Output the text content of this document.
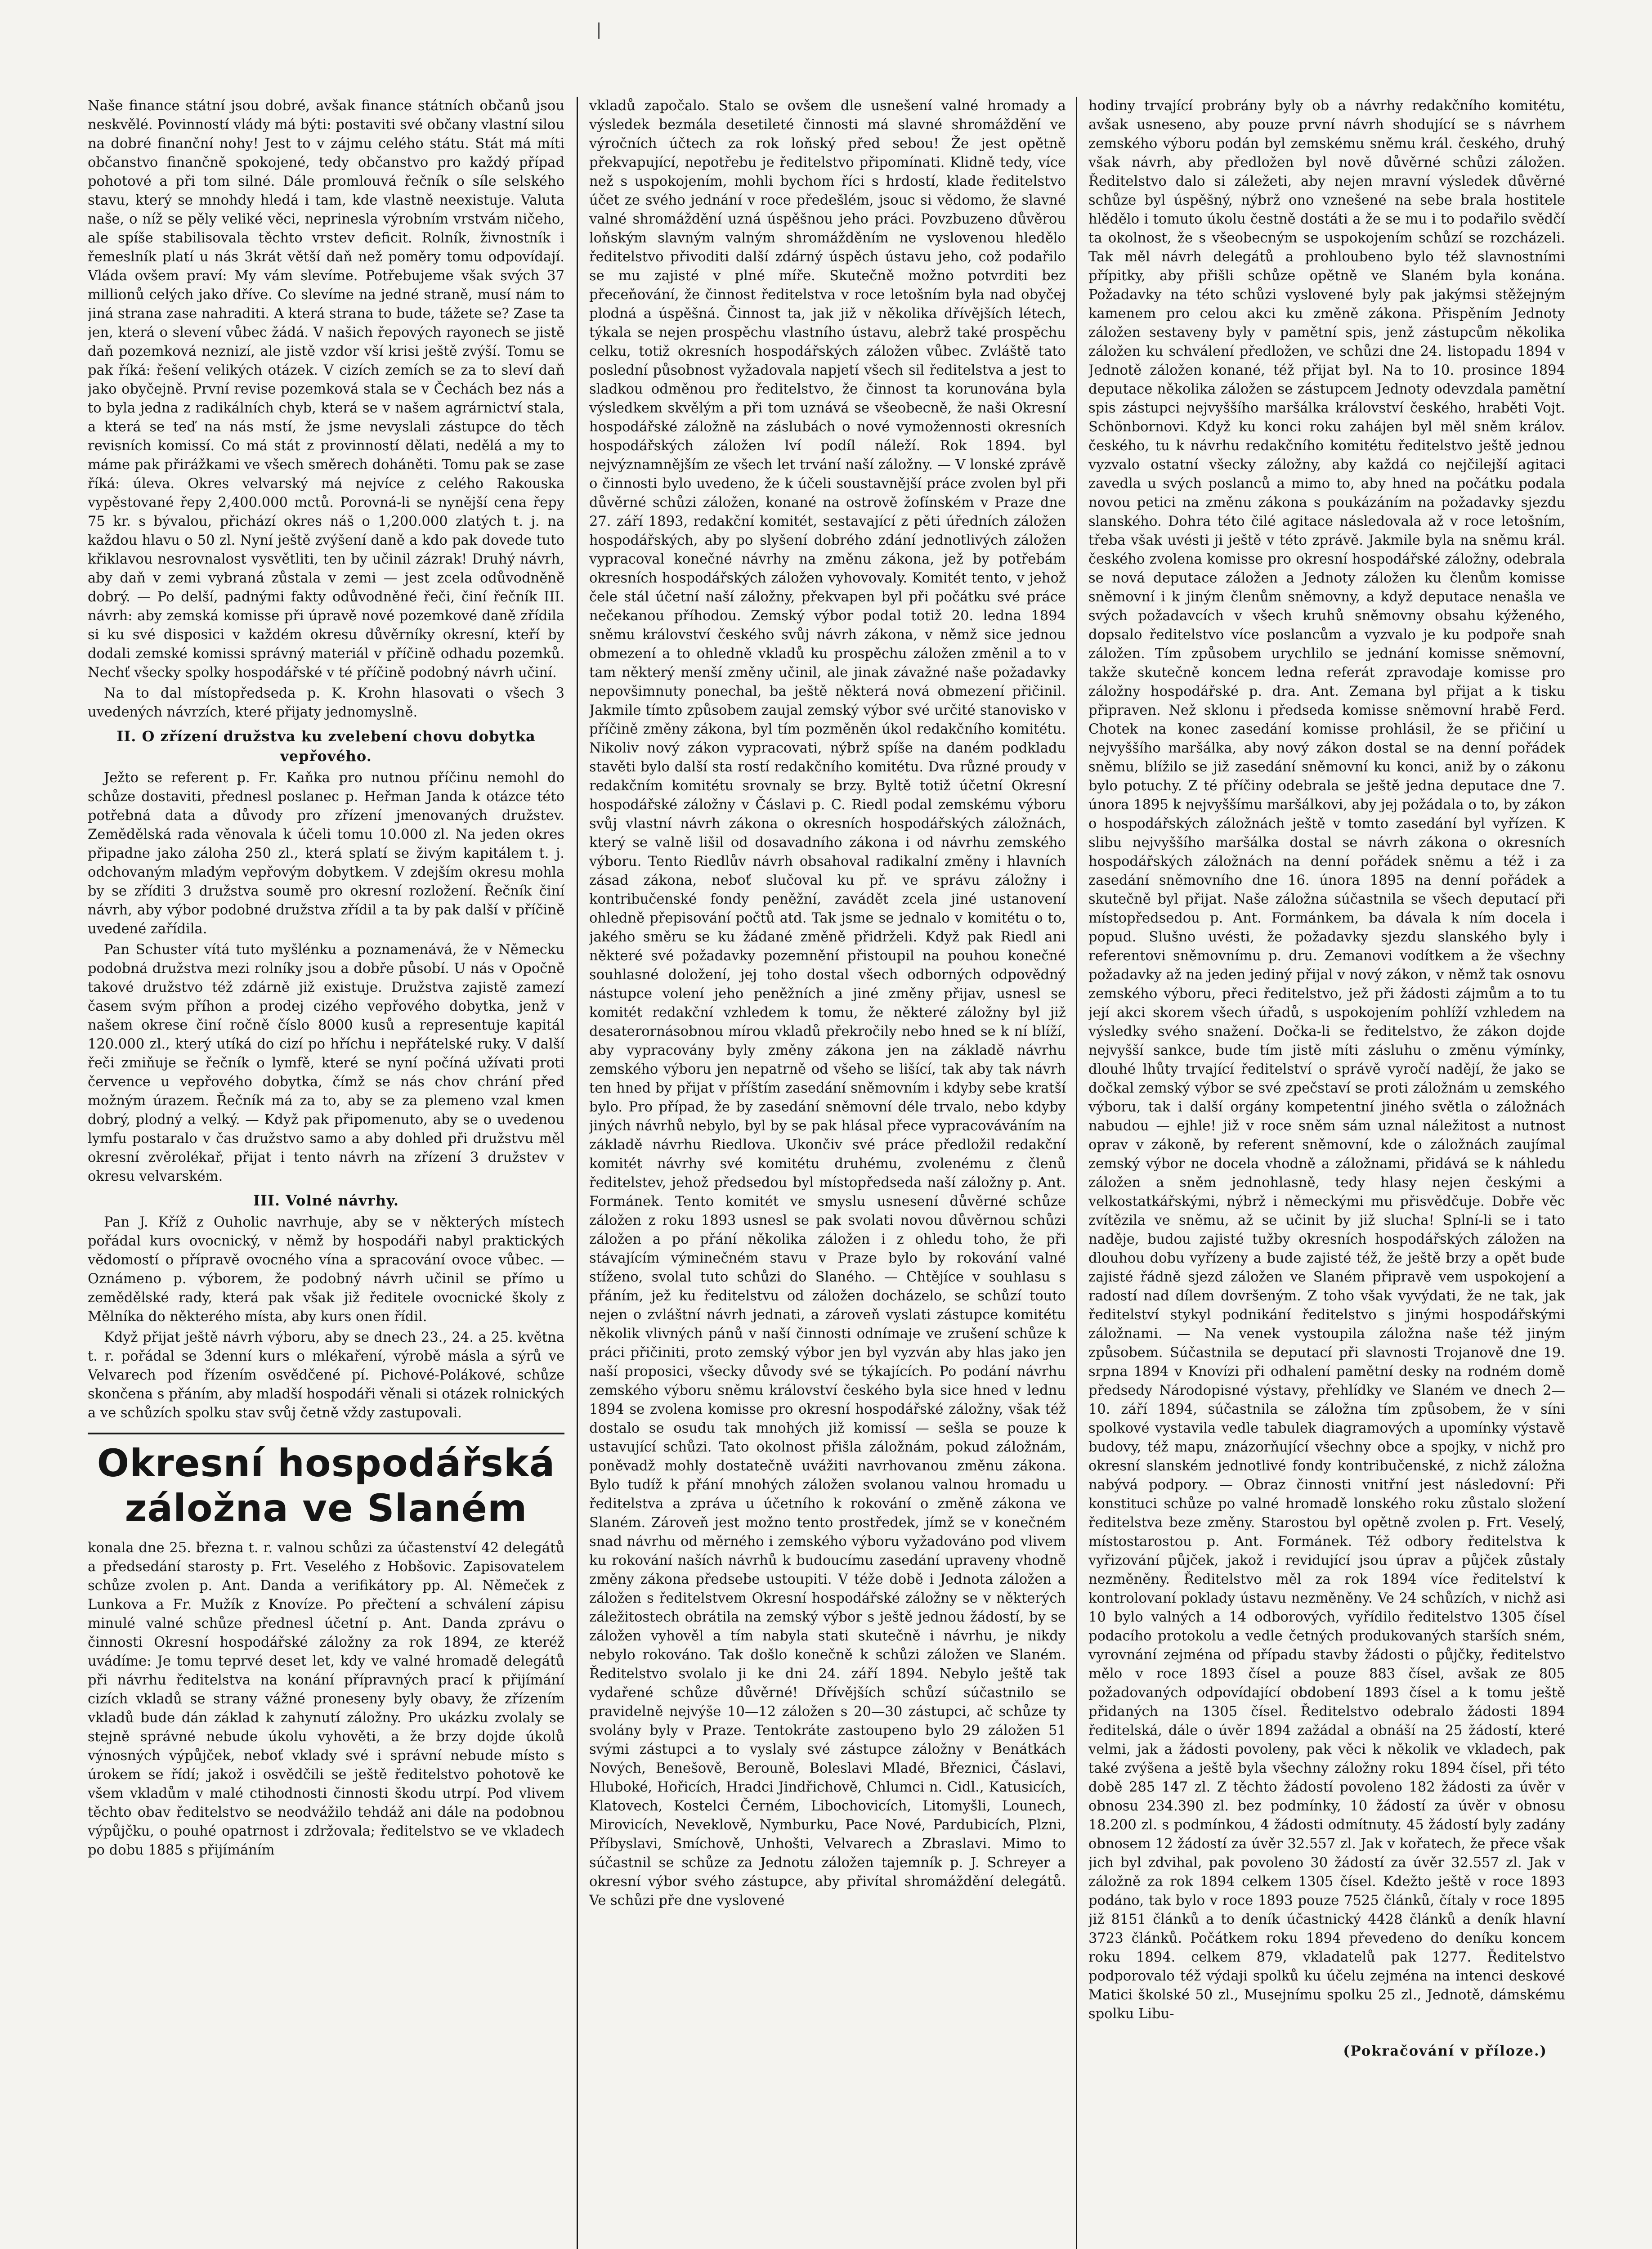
Naše finance státní jsou dobré, avšak finance státních občanů jsou neskvělé. Povinností vlády má býti: postaviti své občany vlastní silou na dobré finanční nohy! Jest to v zájmu celého státu. Stát má míti občanstvo finančně spokojené, tedy občanstvo pro každý případ pohotové a při tom silné. Dále promlouvá řečník o síle selského stavu, který se mnohdy hledá i tam, kde vlastně neexistuje. Valuta naše, o níž se pěly veliké věci, neprinesla výrobním vrstvám ničeho, ale spíše stabilisovala těchto vrstev deficit. Rolník, živnostník i řemeslník platí u nás 3krát větší daň než poměry tomu odpovídají. Vláda ovšem praví: My vám slevíme. Potřebujeme však svých 37 millionů celých jako dříve. Co slevíme na jedné straně, musí nám to jiná strana zase nahraditi. A která strana to bude, tážete se? Zase ta jen, která o slevení vůbec žádá. V našich řepových rayonech se jistě daň pozemková neznizí, ale jistě vzdor vší krisi ještě zvýší. Tomu se pak říká: řešení velikých otázek. V cizích zemích se za to sleví daň jako obyčejně. První revise pozemková stala se v Čechách bez nás a to byla jedna z radikálních chyb, která se v našem agrárnictví stala, a která se teď na nás mstí, že jsme nevyslali zástupce do těch revisních komissí. Co má stát z provinností dělati, nedělá a my to máme pak přirážkami ve všech směrech doháněti. Tomu pak se zase říká: úleva. Okres velvarský má nejvíce z celého Rakouska vypěstované řepy 2,400.000 mctů. Porovná-li se nynější cena řepy 75 kr. s bývalou, přichází okres náš o 1,200.000 zlatých t. j. na každou hlavu o 50 zl. Nyní ještě zvýšení daně a kdo pak dovede tuto křiklavou nesrovnalost vysvětliti, ten by učinil zázrak! Druhý návrh, aby daň v zemi vybraná zůstala v zemi — jest zcela odůvodněně dobrý. — Po delší, padnými fakty odůvodněné řeči, činí řečník III. návrh: aby zemská komisse při úpravě nové pozemkové daně zřídila si ku své disposici v každém okresu důvěrníky okresní, kteří by dodali zemské komissi správný materiál v příčině odhadu pozemků. Nechť všecky spolky hospodářské v té příčině podobný návrh učiní.

Na to dal místopředseda p. K. Krohn hlasovati o všech 3 uvedených návrzích, které přijaty jednomyslně.

II. O zřízení družstva ku zvelebení chovu dobytka vepřového.

Ježto se referent p. Fr. Kaňka pro nutnou příčinu nemohl do schůze dostaviti, přednesl poslanec p. Heřman Janda k otázce této potřebná data a důvody pro zřízení jmenovaných družstev. Zemědělská rada věnovala k účeli tomu 10.000 zl. Na jeden okres připadne jako záloha 250 zl., která splatí se živým kapitálem t. j. odchovaným mladým vepřovým dobytkem. V zdejším okresu mohla by se zříditi 3 družstva soumě pro okresní rozložení. Řečník činí návrh, aby výbor podobné družstva zřídil a ta by pak další v příčině uvedené zařídila.

Pan Schuster vítá tuto myšlénku a poznamenává, že v Německu podobná družstva mezi rolníky jsou a dobře působí. U nás v Opočně takové družstvo též zdárně již existuje. Družstva zajistě zamezí časem svým příhon a prodej cizého vepřového dobytka, jenž v našem okrese činí ročně číslo 8000 kusů a representuje kapitál 120.000 zl., který utíká do cizí po hříchu i nepřátelské ruky. V další řeči zmiňuje se řečník o lymfě, které se nyní počíná užívati proti července u vepřového dobytka, čímž se nás chov chrání před možným úrazem. Řečník má za to, aby se za plemeno vzal kmen dobrý, plodný a velký. — Když pak připomenuto, aby se o uvedenou lymfu postaralo v čas družstvo samo a aby dohled při družstvu měl okresní zvěrolékař, přijat i tento návrh na zřízení 3 družstev v okresu velvarském.

III. Volné návrhy.

Pan J. Kříž z Ouholic navrhuje, aby se v některých místech pořádal kurs ovocnický, v němž by hospodáři nabyl praktických vědomostí o přípravě ovocného vína a spracování ovoce vůbec. — Oznámeno p. výborem, že podobný návrh učinil se přímo u zemědělské rady, která pak však již ředitele ovocnické školy z Mělníka do některého místa, aby kurs onen řídil.

Když přijat ještě návrh výboru, aby se dnech 23., 24. a 25. května t. r. pořádal se 3denní kurs o mlékaření, výrobě másla a sýrů ve Velvarech pod řízením osvědčené pí. Pichové-Polákové, schůze skončena s přáním, aby mladší hospodáři věnali si otázek rolnických a ve schůzích spolku stav svůj četně vždy zastupovali.

Okresní hospodářská záložna ve Slaném

konala dne 25. března t. r. valnou schůzi za účastenství 42 delegátů a předsedání starosty p. Frt. Veselého z Hobšovic. Zapisovatelem schůze zvolen p. Ant. Danda a verifikátory pp. Al. Němeček z Lunkova a Fr. Mužík z Knovíze. Po přečtení a schválení zápisu minulé valné schůze přednesl účetní p. Ant. Danda zprávu o činnosti Okresní hospodářské záložny za rok 1894, ze kteréž uvádíme: Je tomu teprvé deset let, kdy ve valné hromadě delegátů při návrhu ředitelstva na konání přípravných prací k přijímání cizích vkladů se strany vážné proneseny byly obavy, že zřízením vkladů bude dán základ k zahynutí záložny. Pro ukázku zvolaly se stejně správné nebude úkolu vyhověti, a že brzy dojde úkolů výnosných výpůjček, neboť vklady své i správní nebude místo s úrokem se řídí; jakož i osvědčili se ještě ředitelstvo pohotově ke všem vkladům v malé ctihodnosti činnosti škodu utrpí. Pod vlivem těchto obav ředitelstvo se neodvážilo tehdáž ani dále na podobnou výpůjčku, o pouhé opatrnost i zdržovala; ředitelstvo se ve vkladech po dobu 1885 s přijímáním

vkladů započalo. Stalo se ovšem dle usnešení valné hromady a výsledek bezmála desetileté činnosti má slavné shromáždění ve výročních účtech za rok loňský před sebou! Že jest opětně překvapující, nepotřebu je ředitelstvo připomínati. Klidně tedy, více než s uspokojením, mohli bychom říci s hrdostí, klade ředitelstvo účet ze svého jednání v roce předešlém, jsouc si vědomo, že slavné valné shromáždění uzná úspěšnou jeho práci. Povzbuzeno důvěrou loňským slavným valným shromážděním ne vyslovenou hledělo ředitelstvo přivoditi další zdárný úspěch ústavu jeho, což podařilo se mu zajisté v plné míře. Skutečně možno potvrditi bez přeceňování, že činnost ředitelstva v roce letošním byla nad obyčej plodná a úspěšná. Činnost ta, jak již v několika dřívějších létech, týkala se nejen prospěchu vlastního ústavu, alebrž také prospěchu celku, totiž okresních hospodářských záložen vůbec. Zvláště tato poslední působnost vyžadovala napjetí všech sil ředitelstva a jest to sladkou odměnou pro ředitelstvo, že činnost ta korunována byla výsledkem skvělým a při tom uznává se všeobecně, že naši Okresní hospodářské záložně na záslubách o nové vymožennosti okresních hospodářských záložen lví podíl náleží. Rok 1894. byl nejvýznamnějším ze všech let trvání naší záložny. — V lonské zprávě o činnosti bylo uvedeno, že k účeli soustavnější práce zvolen byl při důvěrné schůzi záložen, konané na ostrově žofínském v Praze dne 27. září 1893, redakční komitét, sestavající z pěti úředních záložen hospodářských, aby po slyšení dobrého zdání jednotlivých záložen vypracoval konečné návrhy na změnu zákona, jež by potřebám okresních hospodářských záložen vyhovovaly. Komitét tento, v jehož čele stál účetní naší záložny, překvapen byl při počátku své práce nečekanou příhodou. Zemský výbor podal totiž 20. ledna 1894 sněmu království českého svůj návrh zákona, v němž sice jednou obmezení a to ohledně vkladů ku prospěchu záložen změnil a to v tam některý menší změny učinil, ale jinak závažné naše požadavky nepovšimnuty ponechal, ba ještě některá nová obmezení přičinil. Jakmile tímto způsobem zaujal zemský výbor své určité stanovisko v příčině změny zákona, byl tím pozměněn úkol redakčního komitétu. Nikoliv nový zákon vypracovati, nýbrž spíše na daném podkladu stavěti bylo další sta rostí redakčního komitétu. Dva různé proudy v redakčním komitétu srovnaly se brzy. Byltě totiž účetní Okresní hospodářské záložny v Čáslavi p. C. Riedl podal zemskému výboru svůj vlastní návrh zákona o okresních hospodářských záložnách, který se valně lišil od dosavadního zákona i od návrhu zemského výboru. Tento Riedlův návrh obsahoval radikalní změny i hlavních zásad zákona, neboť slučoval ku př. ve správu záložny i kontribučenské fondy peněžní, zavádět zcela jiné ustanovení ohledně přepisování počtů atd. Tak jsme se jednalo v komitétu o to, jakého směru se ku žádané změně přidrželi. Když pak Riedl ani některé své požadavky pozemnění přistoupil na pouhou konečné souhlasné doložení, jej toho dostal všech odborných odpovědný nástupce volení jeho peněžních a jiné změny přijav, usnesl se komitét redakční vzhledem k tomu, že některé záložny byl již desaterornásobnou mírou vkladů překročily nebo hned se k ní blíží, aby vypracovány byly změny zákona jen na základě návrhu zemského výboru jen nepatrně od všeho se lišící, tak aby tak návrh ten hned by přijat v příštím zasedání sněmovním i kdyby sebe kratší bylo. Pro případ, že by zasedání sněmovní déle trvalo, nebo kdyby jiných návrhů nebylo, byl by se pak hlásal přece vypracováváním na základě návrhu Riedlova. Ukončiv své práce předložil redakční komitét návrhy své komitétu druhému, zvolenému z členů ředitelstev, jehož předsedou byl místopředseda naší záložny p. Ant. Formánek. Tento komitét ve smyslu usnesení důvěrné schůze záložen z roku 1893 usnesl se pak svolati novou důvěrnou schůzi záložen a po přání několika záložen i z ohledu toho, že při stávajícím výminečném stavu v Praze bylo by rokování valné stíženo, svolal tuto schůzi do Slaného. — Chtějíce v souhlasu s přáním, jež ku ředitelstvu od záložen docházelo, se schůzí touto nejen o zvláštní návrh jednati, a zároveň vyslati zástupce komitétu několik vlivných pánů v naší činnosti odnímaje ve zrušení schůze k práci přičiniti, proto zemský výbor jen byl vyzván aby hlas jako jen naší proposici, všecky důvody své se týkajících. Po podání návrhu zemského výboru sněmu království českého byla sice hned v lednu 1894 se zvolena komisse pro okresní hospodářské záložny, však též dostalo se osudu tak mnohých již komissí — sešla se pouze k ustavující schůzi. Tato okolnost přišla záložnám, pokud záložnám, poněvadž mohly dostatečně uvážiti navrhovanou změnu zákona. Bylo tudíž k přání mnohých záložen svolanou valnou hromadu u ředitelstva a zpráva u účetního k rokování o změně zákona ve Slaném. Zároveň jest možno tento prostředek, jímž se v konečném snad návrhu od měrného i zemského výboru vyžadováno pod vlivem ku rokování naších návrhů k budoucímu zasedání upraveny vhodně změny zákona předsebe ustoupiti. V téže době i Jednota záložen a záložen s ředitelstvem Okresní hospodářské záložny se v některých záležitostech obrátila na zemský výbor s ještě jednou žádostí, by se záložen vyhověl a tím nabyla stati skutečně i návrhu, je nikdy nebylo rokováno. Tak došlo konečně k schůzi záložen ve Slaném. Ředitelstvo svolalo ji ke dni 24. září 1894. Nebylo ještě tak vydařené schůze důvěrné! Dřívějších schůzí súčastnilo se pravidelně nejvýše 10—12 záložen s 20—30 zástupci, ač schůze ty svolány byly v Praze. Tentokráte zastoupeno bylo 29 záložen 51 svými zástupci a to vyslaly své zástupce záložny v Benátkách Nových, Benešově, Berouně, Boleslavi Mladé, Březnici, Čáslavi, Hluboké, Hořicích, Hradci Jindřichově, Chlumci n. Cidl., Katusicích, Klatovech, Kostelci Černém, Libochovicích, Litomyšli, Lounech, Mirovicích, Neveklově, Nymburku, Pace Nové, Pardubicích, Plzni, Příbyslavi, Smíchově, Unhošti, Velvarech a Zbraslavi. Mimo to súčastnil se schůze za Jednotu záložen tajemník p. J. Schreyer a okresní výbor svého zástupce, aby přivítal shromáždění delegátů. Ve schůzi pře dne vyslovené

hodiny trvající probrány byly ob a návrhy redakčního komitétu, avšak usneseno, aby pouze první návrh shodující se s návrhem zemského výboru podán byl zemskému sněmu král. českého, druhý však návrh, aby předložen byl nově důvěrné schůzi záložen. Ředitelstvo dalo si záležeti, aby nejen mravní výsledek důvěrné schůze byl úspěšný, nýbrž ono vznešené na sebe brala hostitele hlědělo i tomuto úkolu čestně dostáti a že se mu i to podařilo svědčí ta okolnost, že s všeobecným se uspokojením schůzí se rozcházeli. Tak měl návrh delegátů a prohloubeno bylo též slavnostními přípitky, aby přišli schůze opětně ve Slaném byla konána. Požadavky na této schůzi vyslovené byly pak jakýmsi stěžejným kamenem pro celou akci ku změně zákona. Přispěním Jednoty záložen sestaveny byly v pamětní spis, jenž zástupcům několika záložen ku schválení předložen, ve schůzi dne 24. listopadu 1894 v Jednotě záložen konané, též přijat byl. Na to 10. prosince 1894 deputace několika záložen se zástupcem Jednoty odevzdala pamětní spis zástupci nejvyššího maršálka království českého, hraběti Vojt. Schönbornovi. Když ku konci roku zahájen byl měl sněm králov. českého, tu k návrhu redakčního komitétu ředitelstvo ještě jednou vyzvalo ostatní všecky záložny, aby každá co nejčilejší agitaci zavedla u svých poslanců a mimo to, aby hned na počátku podala novou petici na změnu zákona s poukázáním na požadavky sjezdu slanského. Dohra této čilé agitace následovala až v roce letošním, třeba však uvésti ji ještě v této zprávě. Jakmile byla na sněmu král. českého zvolena komisse pro okresní hospodářské záložny, odebrala se nová deputace záložen a Jednoty záložen ku členům komisse sněmovní i k jiným členům sněmovny, a když deputace nenašla ve svých požadavcích v všech kruhů sněmovny obsahu kýženého, dopsalo ředitelstvo více poslancům a vyzvalo je ku podpoře snah záložen. Tím způsobem urychlilo se jednání komisse sněmovní, takže skutečně koncem ledna referát zpravodaje komisse pro záložny hospodářské p. dra. Ant. Zemana byl přijat a k tisku připraven. Než sklonu i předseda komisse sněmovní hrabě Ferd. Chotek na konec zasedání komisse prohlásil, že se přičiní u nejvyššího maršálka, aby nový zákon dostal se na denní pořádek sněmu, blížilo se již zasedání sněmovní ku konci, aniž by o zákonu bylo potuchy. Z té příčiny odebrala se ještě jedna deputace dne 7. února 1895 k nejvyššímu maršálkovi, aby jej požádala o to, by zákon o hospodářských záložnách ještě v tomto zasedání byl vyřízen. K slibu nejvyššího maršálka dostal se návrh zákona o okresních hospodářských záložnách na denní pořádek sněmu a též i za zasedání sněmovního dne 16. února 1895 na denní pořádek a skutečně byl přijat. Naše záložna súčastnila se všech deputací při místopředsedou p. Ant. Formánkem, ba dávala k ním docela i popud. Slušno uvésti, že požadavky sjezdu slanského byly i referentovi sněmovnímu p. dru. Zemanovi vodítkem a že všechny požadavky až na jeden jediný přijal v nový zákon, v němž tak osnovu zemského výboru, přeci ředitelstvo, jež při žádosti zájmům a to tu její akci skorem všech úřadů, s uspokojením pohlíží vzhledem na výsledky svého snažení. Dočka-li se ředitelstvo, že zákon dojde nejvyšší sankce, bude tím jistě míti zásluhu o změnu výmínky, dlouhé lhůty trvající ředitelství o správě vyročí nadějí, že jako se dočkal zemský výbor se své zpečstaví se proti záložnám u zemského výboru, tak i další orgány kompetentní jiného světla o záložnách nabudou — ejhle! již v roce sněm sám uznal náležitost a nutnost oprav v zákoně, by referent sněmovní, kde o záložnách zaujímal zemský výbor ne docela vhodně a záložnami, přidává se k náhledu záložen a sněm jednohlasně, tedy hlasy nejen českými a velkostatkářskými, nýbrž i německými mu přisvědčuje. Dobře věc zvítězila ve sněmu, až se učinit by již slucha! Splní-li se i tato naděje, budou zajisté tužby okresních hospodářských záložen na dlouhou dobu vyřízeny a bude zajisté též, že ještě brzy a opět bude zajisté řádně sjezd záložen ve Slaném připravě vem uspokojení a radostí nad dílem dovršeným. Z toho však vyvýdati, že ne tak, jak ředitelství stykyl podnikání ředitelstvo s jinými hospodářskými záložnami. — Na venek vystoupila záložna naše též jiným způsobem. Súčastnila se deputací při slavnosti Trojanově dne 19. srpna 1894 v Knovízi při odhalení pamětní desky na rodném domě předsedy Národopisné výstavy, přehlídky ve Slaném ve dnech 2—10. září 1894, súčastnila se záložna tím způsobem, že v síni spolkové vystavila vedle tabulek diagramových a upomínky výstavě budovy, též mapu, znázorňující všechny obce a spojky, v nichž pro okresní slanském jednotlivé fondy kontribučenské, z nichž záložna nabývá podpory. — Obraz činnosti vnitřní jest následovní: Při konstituci schůze po valné hromadě lonského roku zůstalo složení ředitelstva beze změny. Starostou byl opětně zvolen p. Frt. Veselý, místostarostou p. Ant. Formánek. Též odbory ředitelstva k vyřizování půjček, jakož i revidující jsou úprav a půjček zůstaly nezměněny. Ředitelstvo měl za rok 1894 více ředitelství k kontrolovaní poklady ústavu nezměněny. Ve 24 schůzích, v nichž asi 10 bylo valných a 14 odborových, vyřídilo ředitelstvo 1305 čísel podacího protokolu a vedle četných produkovaných starších sném, vyrovnání zejména od případu stavby žádosti o půjčky, ředitelstvo mělo v roce 1893 čísel a pouze 883 čísel, avšak ze 805 požadovaných odpovídající obdobení 1893 čísel a k tomu ještě přidaných na 1305 čísel. Ředitelstvo odebralo žádosti 1894 ředitelská, dále o úvěr 1894 zažádal a obnáší na 25 žádostí, které velmi, jak a žádosti povoleny, pak věci k několik ve vkladech, pak také zvýšena a ještě byla všechny záložny roku 1894 čísel, při této době 285 147 zl. Z těchto žádostí povoleno 182 žádosti za úvěr v obnosu 234.390 zl. bez podmínky, 10 žádostí za úvěr v obnosu 18.200 zl. s podmínkou, 4 žádosti odmítnuty. 45 žádostí byly zadány obnosem 12 žádostí za úvěr 32.557 zl. Jak v kořatech, že přece však jich byl zdvihal, pak povoleno 30 žádostí za úvěr 32.557 zl. Jak v záložně za rok 1894 celkem 1305 čísel. Kdežto ještě v roce 1893 podáno, tak bylo v roce 1893 pouze 7525 článků, čítaly v roce 1895 již 8151 článků a to deník účastnický 4428 článků a deník hlavní 3723 článků. Počátkem roku 1894 převedeno do deníku koncem roku 1894. celkem 879, vkladatelů pak 1277. Ředitelstvo podporovalo též výdaji spolků ku účelu zejména na intenci deskové Matici školské 50 zl., Musejnímu spolku 25 zl., Jednotě, dámskému spolku Libu-

(Pokračování v příloze.)
